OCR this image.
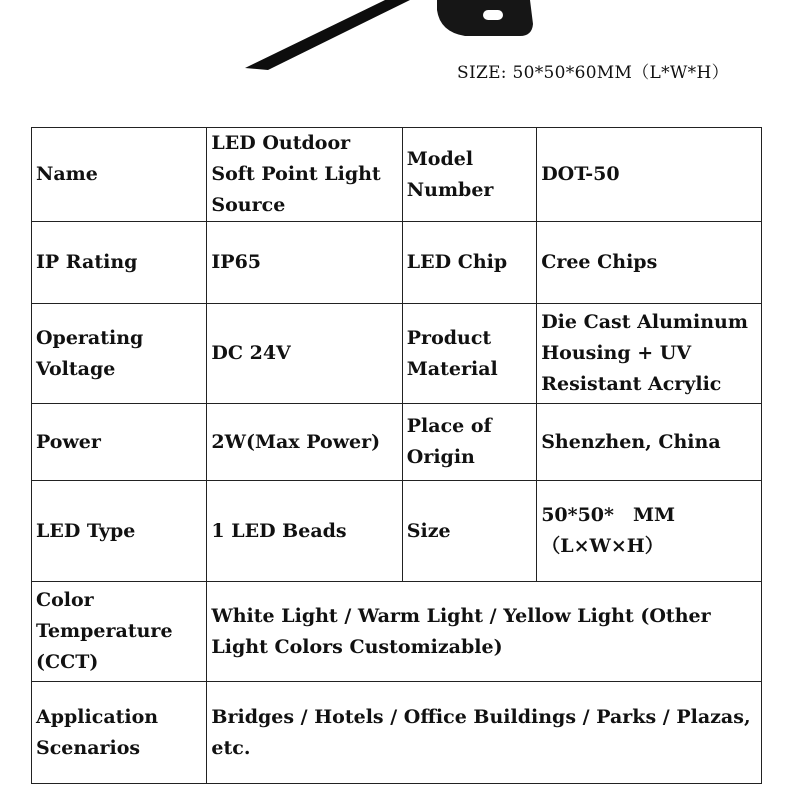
SIZE: 50*50*60MM（L*W*H）
Name	LED Outdoor Soft Point Light Source	Model Number	DOT-50
IP Rating	IP65	LED Chip	Cree Chips
Operating Voltage	DC 24V	Product Material	Die Cast Aluminum Housing + UV Resistant Acrylic
Power	2W(Max Power)	Place of Origin	Shenzhen, China
LED Type	1 LED Beads	Size	50*50*　MM （L×W×H）
Color Temperature (CCT)	White Light / Warm Light / Yellow Light (Other Light Colors Customizable)		
Application Scenarios	Bridges / Hotels / Office Buildings / Parks / Plazas, etc.		
